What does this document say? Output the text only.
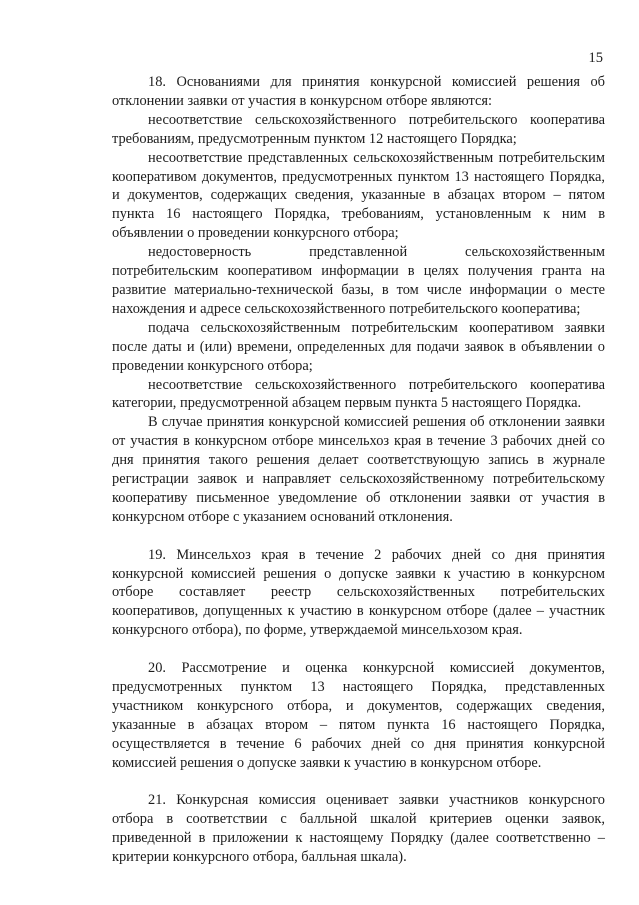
15

18. Основаниями для принятия конкурсной комиссией решения об отклонении заявки от участия в конкурсном отборе являются:

несоответствие сельскохозяйственного потребительского кооператива требованиям, предусмотренным пунктом 12 настоящего Порядка;

несоответствие представленных сельскохозяйственным потребительским кооперативом документов, предусмотренных пунктом 13 настоящего Порядка, и документов, содержащих сведения, указанные в абзацах втором – пятом пункта 16 настоящего Порядка, требованиям, установленным к ним в объявлении о проведении конкурсного отбора;

недостоверность представленной сельскохозяйственным потребительским кооперативом информации в целях получения гранта на развитие материально-технической базы, в том числе информации о месте нахождения и адресе сельскохозяйственного потребительского кооператива;

подача сельскохозяйственным потребительским кооперативом заявки после даты и (или) времени, определенных для подачи заявок в объявлении о проведении конкурсного отбора;

несоответствие сельскохозяйственного потребительского кооператива категории, предусмотренной абзацем первым пункта 5 настоящего Порядка.

В случае принятия конкурсной комиссией решения об отклонении заявки от участия в конкурсном отборе минсельхоз края в течение 3 рабочих дней со дня принятия такого решения делает соответствующую запись в журнале регистрации заявок и направляет сельскохозяйственному потребительскому кооперативу письменное уведомление об отклонении заявки от участия в конкурсном отборе с указанием оснований отклонения.

19. Минсельхоз края в течение 2 рабочих дней со дня принятия конкурсной комиссией решения о допуске заявки к участию в конкурсном отборе составляет реестр сельскохозяйственных потребительских кооперативов, допущенных к участию в конкурсном отборе (далее – участник конкурсного отбора), по форме, утверждаемой минсельхозом края.

20. Рассмотрение и оценка конкурсной комиссией документов, предусмотренных пунктом 13 настоящего Порядка, представленных участником конкурсного отбора, и документов, содержащих сведения, указанные в абзацах втором – пятом пункта 16 настоящего Порядка, осуществляется в течение 6 рабочих дней со дня принятия конкурсной комиссией решения о допуске заявки к участию в конкурсном отборе.

21. Конкурсная комиссия оценивает заявки участников конкурсного отбора в соответствии с балльной шкалой критериев оценки заявок, приведенной в приложении к настоящему Порядку (далее соответственно – критерии конкурсного отбора, балльная шкала).
